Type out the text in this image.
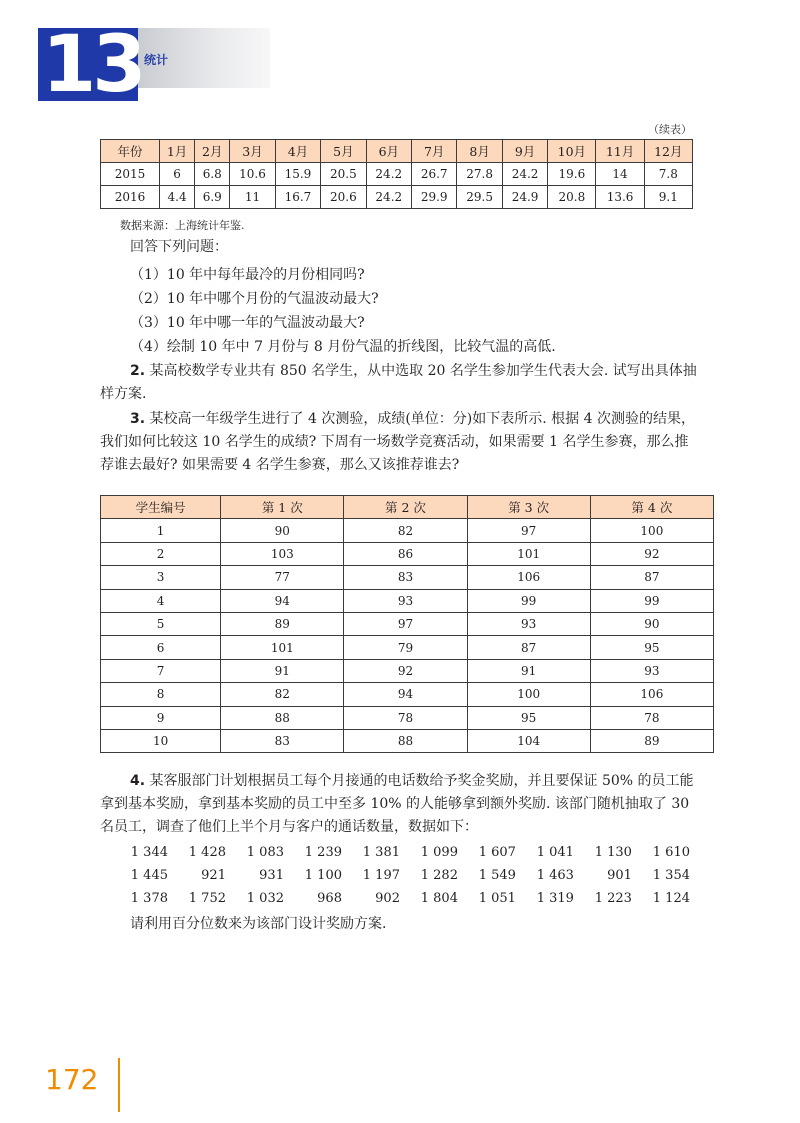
13 统计
（续表）
年份	1月	2月	3月	4月	5月	6月	7月	8月	9月	10月	11月	12月
2015	6	6.8	10.6	15.9	20.5	24.2	26.7	27.8	24.2	19.6	14	7.8
2016	4.4	6.9	11	16.7	20.6	24.2	29.9	29.5	24.9	20.8	13.6	9.1
数据来源：上海统计年鉴.
回答下列问题：
（1）10 年中每年最冷的月份相同吗?
（2）10 年中哪个月份的气温波动最大?
（3）10 年中哪一年的气温波动最大?
（4）绘制 10 年中 7 月份与 8 月份气温的折线图，比较气温的高低.

2. 某高校数学专业共有 850 名学生，从中选取 20 名学生参加学生代表大会. 试写出具体抽样方案.

3. 某校高一年级学生进行了 4 次测验，成绩(单位：分)如下表所示. 根据 4 次测验的结果，我们如何比较这 10 名学生的成绩? 下周有一场数学竞赛活动，如果需要 1 名学生参赛，那么推荐谁去最好? 如果需要 4 名学生参赛，那么又该推荐谁去?

学生编号	第 1 次	第 2 次	第 3 次	第 4 次
1	90	82	97	100
2	103	86	101	92
3	77	83	106	87
4	94	93	99	99
5	89	97	93	90
6	101	79	87	95
7	91	92	91	93
8	82	94	100	106
9	88	78	95	78
10	83	88	104	89

4. 某客服部门计划根据员工每个月接通的电话数给予奖金奖励，并且要保证 50% 的员工能拿到基本奖励，拿到基本奖励的员工中至多 10% 的人能够拿到额外奖励. 该部门随机抽取了 30 名员工，调查了他们上半个月与客户的通话数量，数据如下：

1 344	1 428	1 083	1 239	1 381	1 099	1 607	1 041	1 130	1 610
1 445	921	931	1 100	1 197	1 282	1 549	1 463	901	1 354
1 378	1 752	1 032	968	902	1 804	1 051	1 319	1 223	1 124
请利用百分位数来为该部门设计奖励方案.
172
